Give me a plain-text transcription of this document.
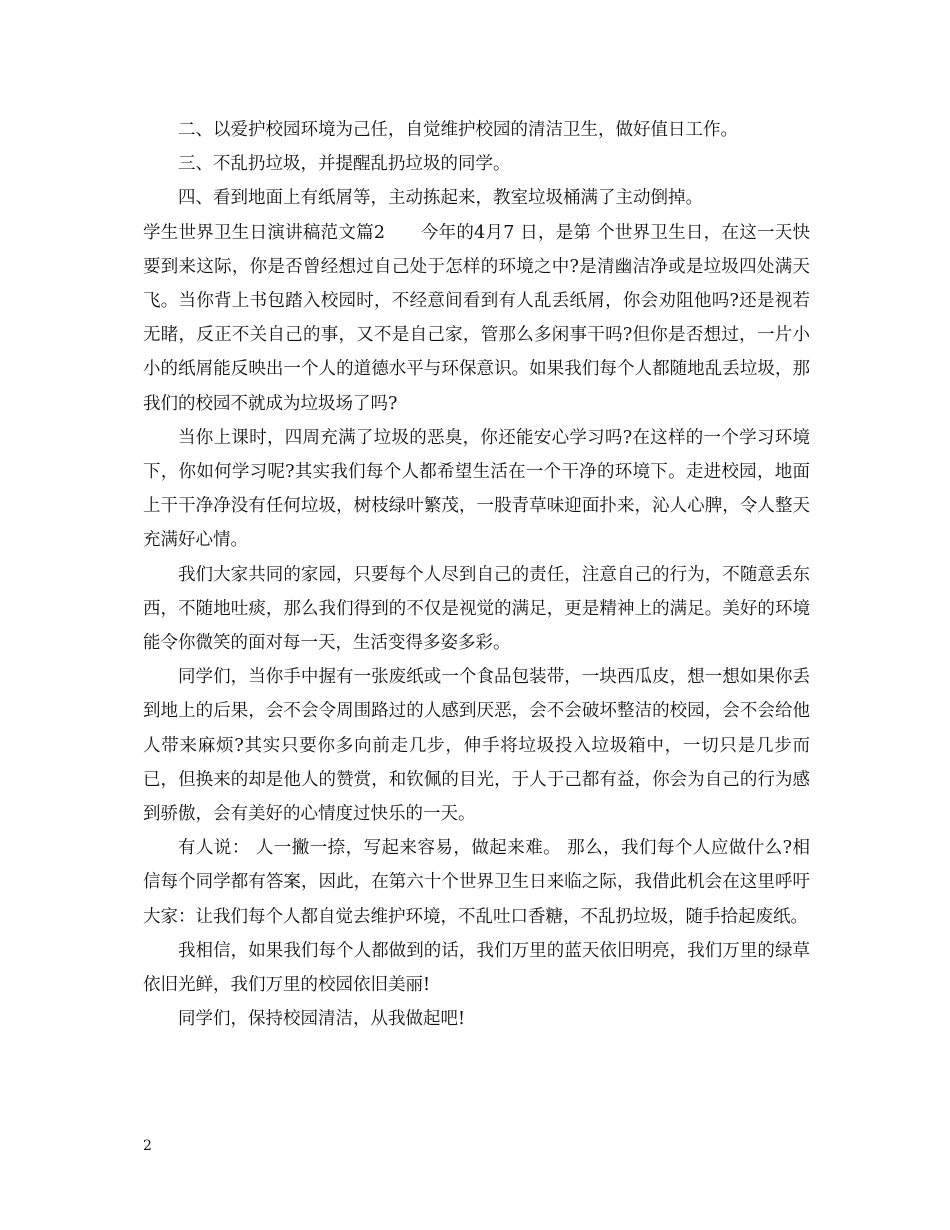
二、以爱护校园环境为己任，自觉维护校园的清洁卫生，做好值日工作。

三、不乱扔垃圾，并提醒乱扔垃圾的同学。

四、看到地面上有纸屑等，主动拣起来，教室垃圾桶满了主动倒掉。

学生世界卫生日演讲稿范文篇2　　今年的4月7 日，是第 个世界卫生日，在这一天快要到来这际，你是否曾经想过自己处于怎样的环境之中?是清幽洁净或是垃圾四处满天飞。当你背上书包踏入校园时，不经意间看到有人乱丢纸屑，你会劝阻他吗?还是视若无睹，反正不关自己的事，又不是自己家，管那么多闲事干吗?但你是否想过，一片小小的纸屑能反映出一个人的道德水平与环保意识。如果我们每个人都随地乱丢垃圾，那我们的校园不就成为垃圾场了吗?

当你上课时，四周充满了垃圾的恶臭，你还能安心学习吗?在这样的一个学习环境下，你如何学习呢?其实我们每个人都希望生活在一个干净的环境下。走进校园，地面上干干净净没有任何垃圾，树枝绿叶繁茂，一股青草味迎面扑来，沁人心脾，令人整天充满好心情。

我们大家共同的家园，只要每个人尽到自己的责任，注意自己的行为，不随意丢东西，不随地吐痰，那么我们得到的不仅是视觉的满足，更是精神上的满足。美好的环境能令你微笑的面对每一天，生活变得多姿多彩。

同学们，当你手中握有一张废纸或一个食品包装带，一块西瓜皮，想一想如果你丢到地上的后果，会不会令周围路过的人感到厌恶，会不会破坏整洁的校园，会不会给他人带来麻烦?其实只要你多向前走几步，伸手将垃圾投入垃圾箱中，一切只是几步而已，但换来的却是他人的赞赏，和钦佩的目光，于人于己都有益，你会为自己的行为感到骄傲，会有美好的心情度过快乐的一天。

有人说： 人一撇一捺，写起来容易，做起来难。 那么，我们每个人应做什么?相信每个同学都有答案，因此，在第六十个世界卫生日来临之际，我借此机会在这里呼吁大家：让我们每个人都自觉去维护环境，不乱吐口香糖，不乱扔垃圾，随手拾起废纸。

我相信，如果我们每个人都做到的话，我们万里的蓝天依旧明亮，我们万里的绿草依旧光鲜，我们万里的校园依旧美丽!

同学们，保持校园清洁，从我做起吧!

2
